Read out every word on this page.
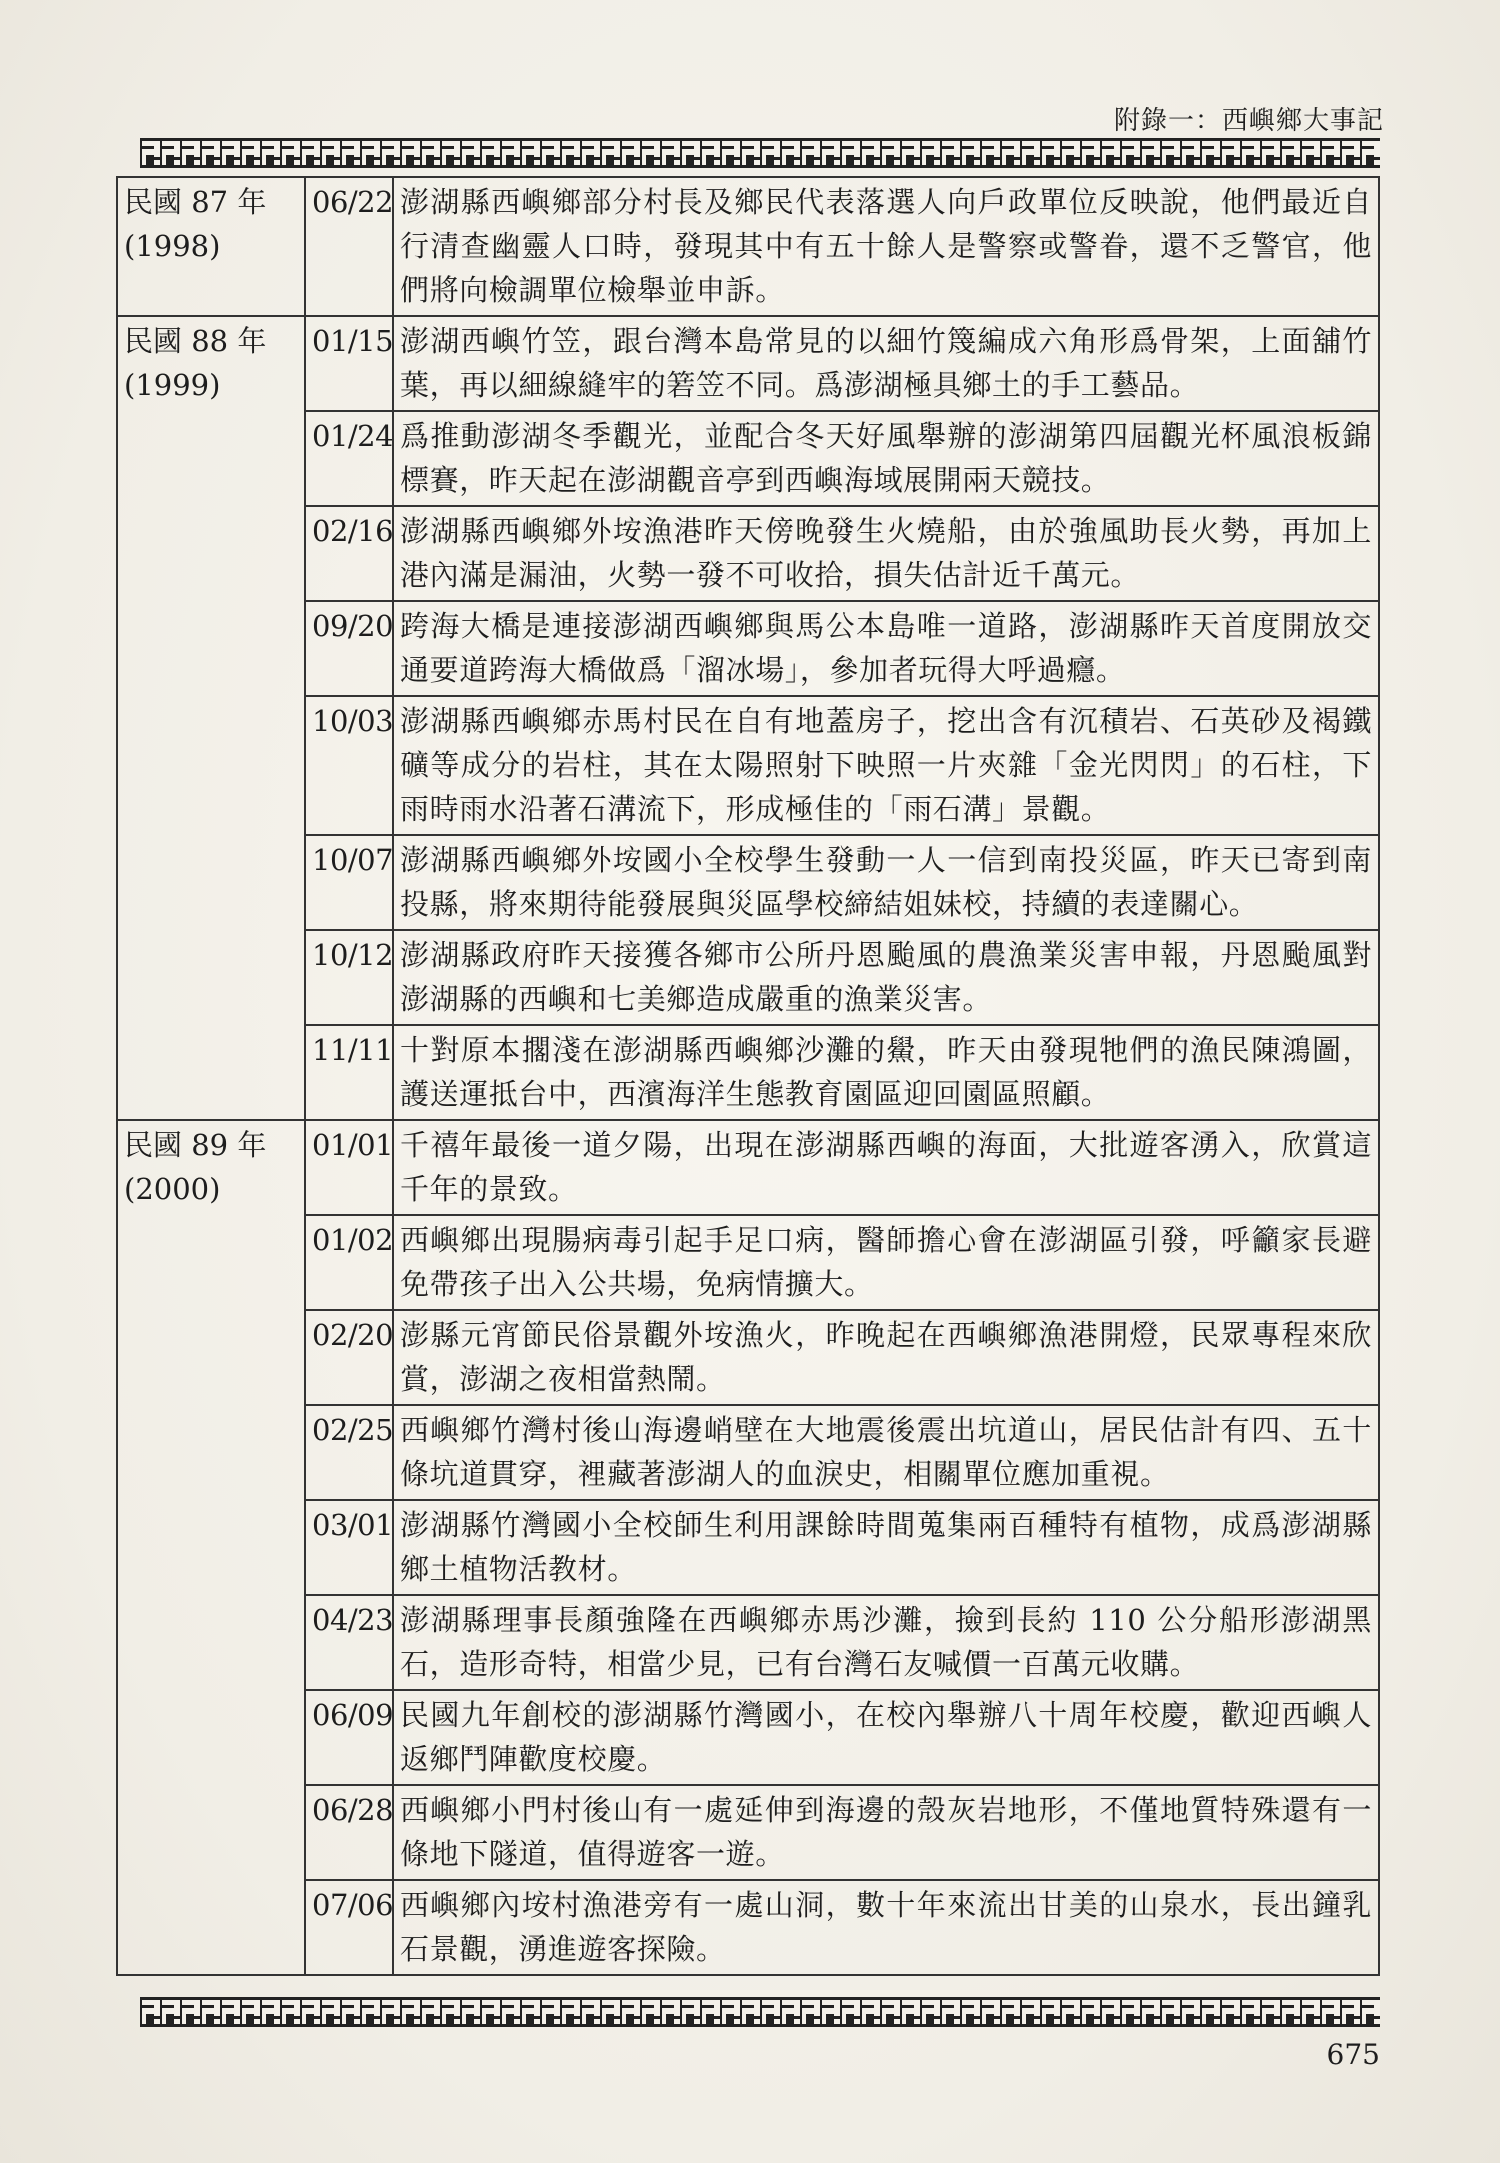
附錄一：西嶼鄉大事記
民國 87 年
(1998)	06/22	澎湖縣西嶼鄉部分村長及鄉民代表落選人向戶政單位反映說，他們最近自行清查幽靈人口時，發現其中有五十餘人是警察或警眷，還不乏警官，他們將向檢調單位檢舉並申訴。

民國 88 年
(1999)	01/15	澎湖西嶼竹笠，跟台灣本島常見的以細竹篾編成六角形爲骨架，上面舖竹葉，再以細線縫牢的箬笠不同。爲澎湖極具鄉土的手工藝品。
	01/24	爲推動澎湖冬季觀光，並配合冬天好風舉辦的澎湖第四屆觀光杯風浪板錦標賽，昨天起在澎湖觀音亭到西嶼海域展開兩天競技。
	02/16	澎湖縣西嶼鄉外垵漁港昨天傍晚發生火燒船，由於強風助長火勢，再加上港內滿是漏油，火勢一發不可收拾，損失估計近千萬元。
	09/20	跨海大橋是連接澎湖西嶼鄉與馬公本島唯一道路，澎湖縣昨天首度開放交通要道跨海大橋做爲「溜冰場」，參加者玩得大呼過癮。
	10/03	澎湖縣西嶼鄉赤馬村民在自有地蓋房子，挖出含有沉積岩、石英砂及褐鐵礦等成分的岩柱，其在太陽照射下映照一片夾雜「金光閃閃」的石柱，下雨時雨水沿著石溝流下，形成極佳的「雨石溝」景觀。
	10/07	澎湖縣西嶼鄉外垵國小全校學生發動一人一信到南投災區，昨天已寄到南投縣，將來期待能發展與災區學校締結姐妹校，持續的表達關心。
	10/12	澎湖縣政府昨天接獲各鄉市公所丹恩颱風的農漁業災害申報，丹恩颱風對澎湖縣的西嶼和七美鄉造成嚴重的漁業災害。
	11/11	十對原本擱淺在澎湖縣西嶼鄉沙灘的鱟，昨天由發現牠們的漁民陳鴻圖，護送運抵台中，西濱海洋生態教育園區迎回園區照顧。

民國 89 年
(2000)	01/01	千禧年最後一道夕陽，出現在澎湖縣西嶼的海面，大批遊客湧入，欣賞這千年的景致。
	01/02	西嶼鄉出現腸病毒引起手足口病，醫師擔心會在澎湖區引發，呼籲家長避免帶孩子出入公共場，免病情擴大。
	02/20	澎縣元宵節民俗景觀外垵漁火，昨晚起在西嶼鄉漁港開燈，民眾專程來欣賞，澎湖之夜相當熱鬧。
	02/25	西嶼鄉竹灣村後山海邊峭壁在大地震後震出坑道山，居民估計有四、五十條坑道貫穿，裡藏著澎湖人的血淚史，相關單位應加重視。
	03/01	澎湖縣竹灣國小全校師生利用課餘時間蒐集兩百種特有植物，成爲澎湖縣鄉土植物活教材。
	04/23	澎湖縣理事長顏強隆在西嶼鄉赤馬沙灘，撿到長約 110 公分船形澎湖黑石，造形奇特，相當少見，已有台灣石友喊價一百萬元收購。
	06/09	民國九年創校的澎湖縣竹灣國小，在校內舉辦八十周年校慶，歡迎西嶼人返鄉鬥陣歡度校慶。
	06/28	西嶼鄉小門村後山有一處延伸到海邊的殼灰岩地形，不僅地質特殊還有一條地下隧道，值得遊客一遊。
	07/06	西嶼鄉內垵村漁港旁有一處山洞，數十年來流出甘美的山泉水，長出鐘乳石景觀，湧進遊客探險。
675
